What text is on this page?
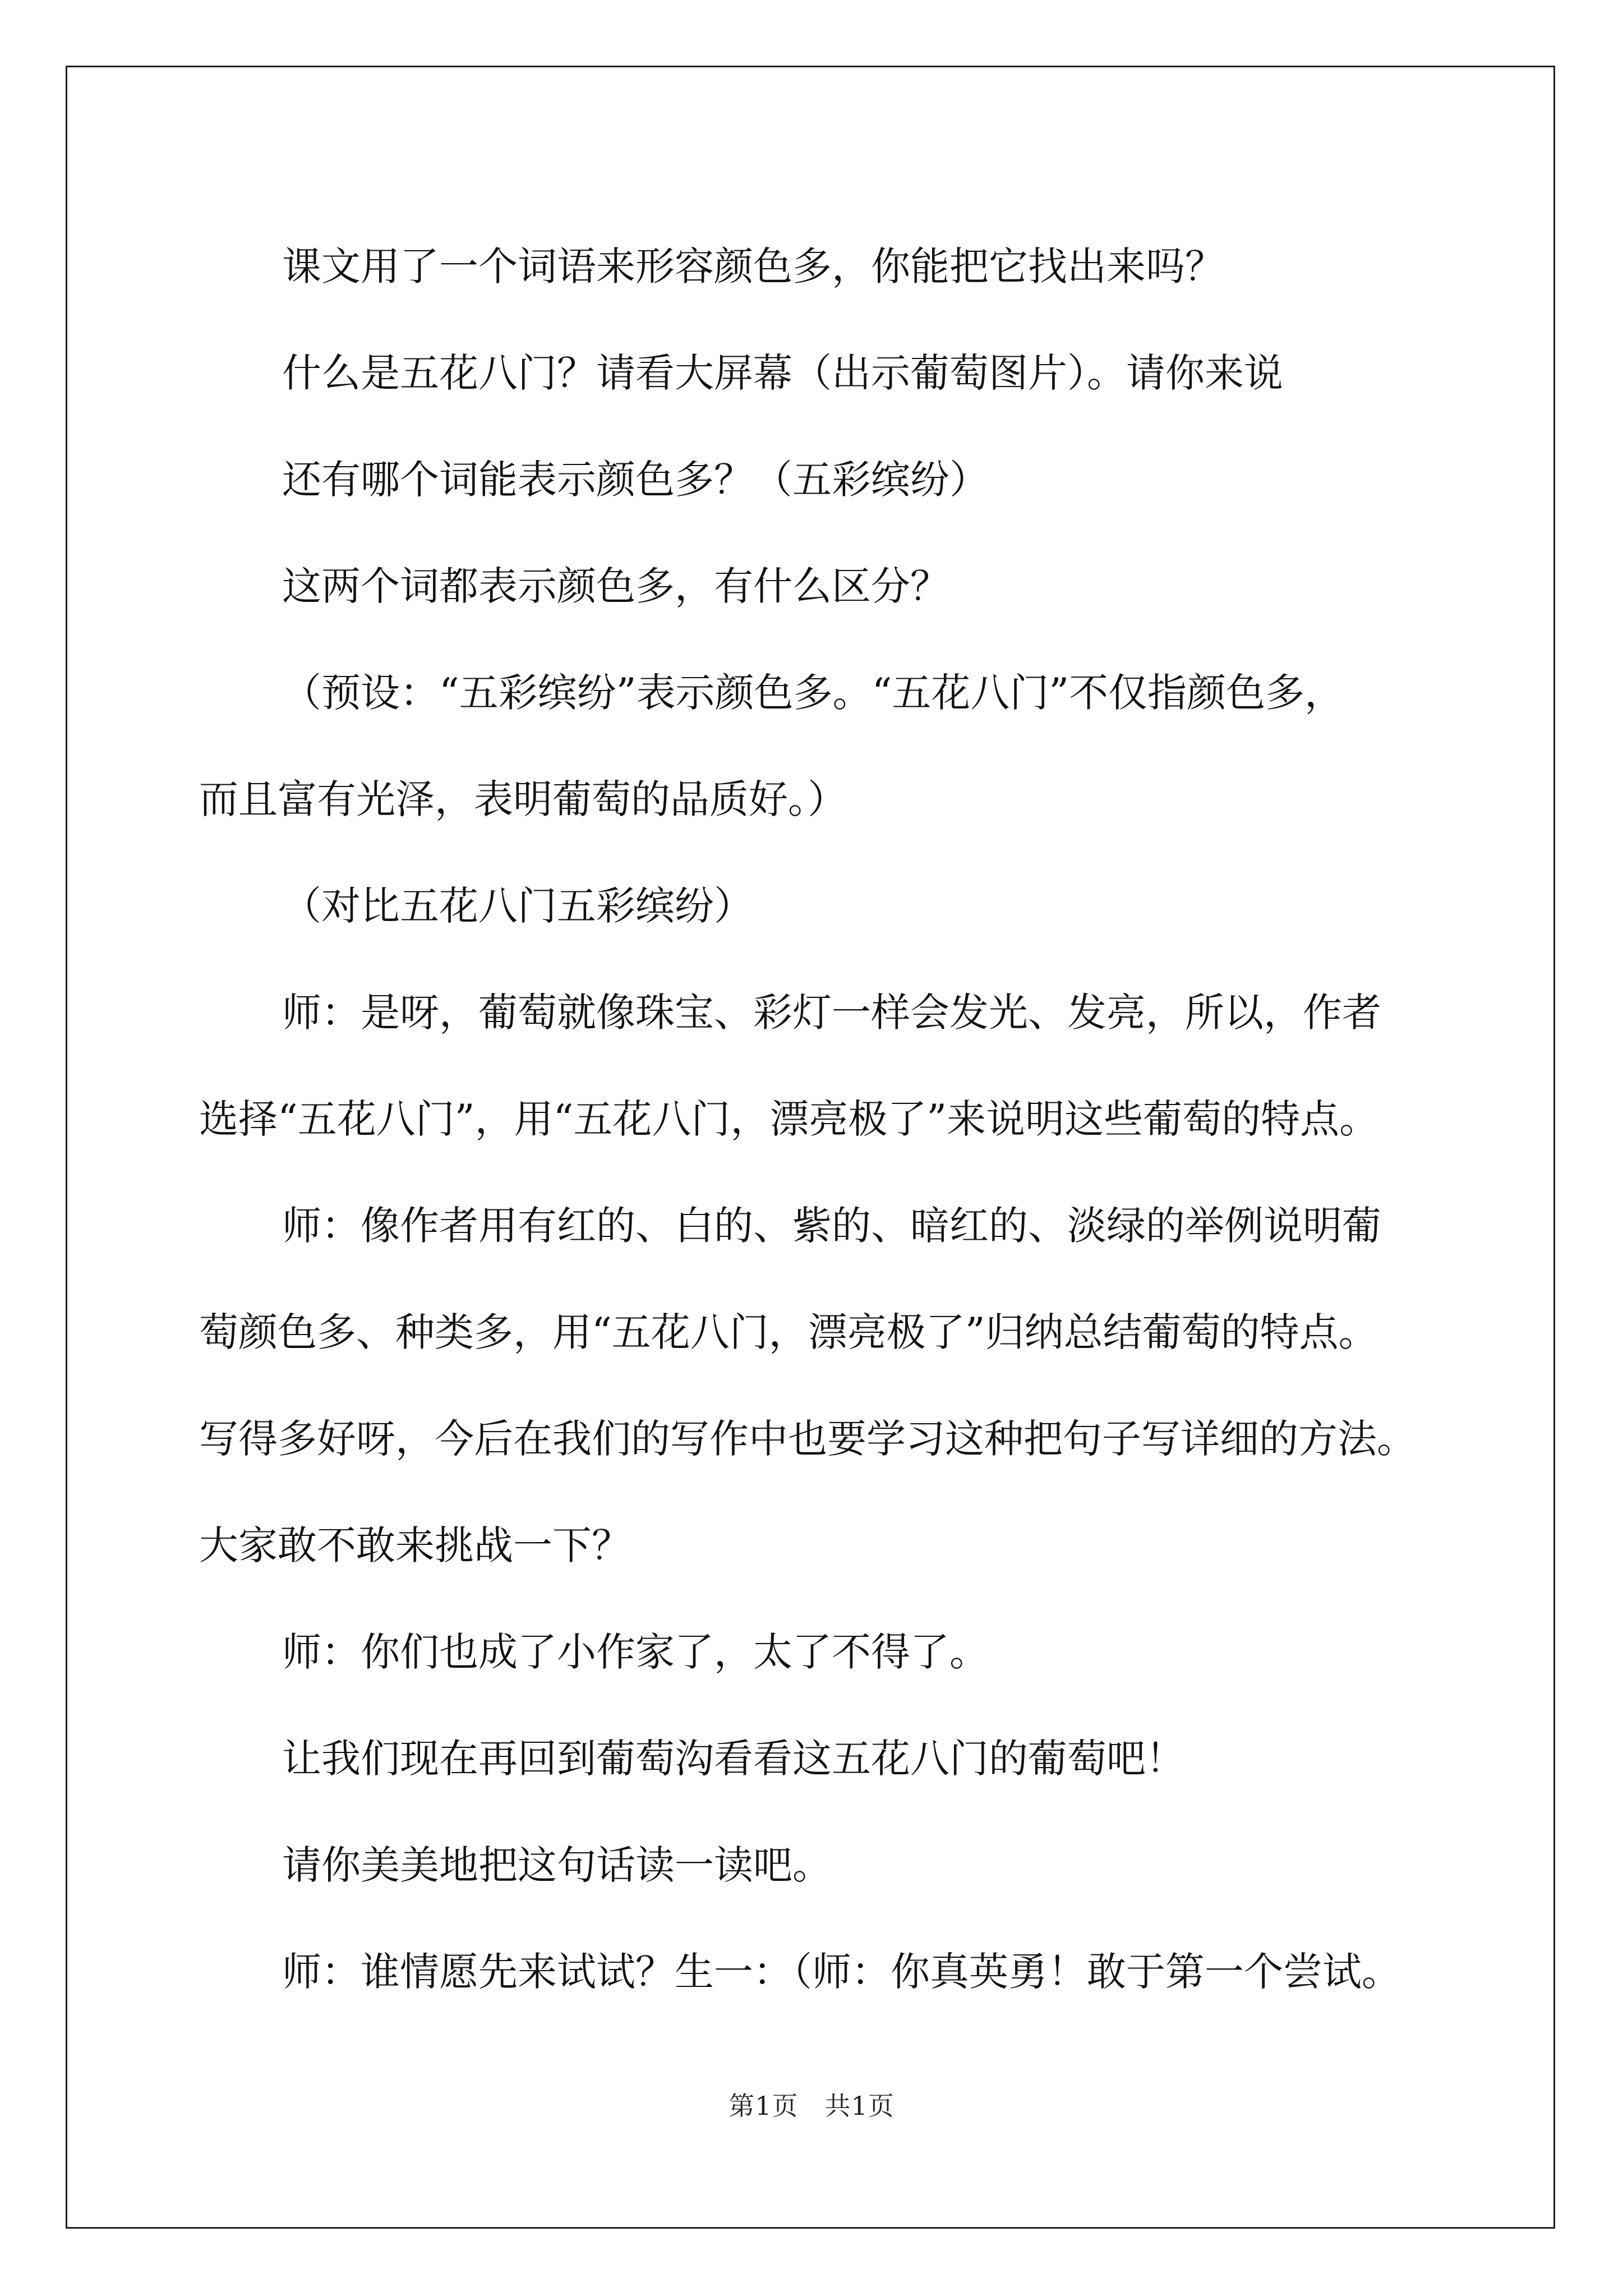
课文用了一个词语来形容颜色多，你能把它找出来吗？

什么是五花八门？请看大屏幕（出示葡萄图片）。请你来说

还有哪个词能表示颜色多？（五彩缤纷）

这两个词都表示颜色多，有什么区分？

（预设：“五彩缤纷”表示颜色多。“五花八门”不仅指颜色多，

而且富有光泽，表明葡萄的品质好。）

（对比五花八门五彩缤纷）

师：是呀，葡萄就像珠宝、彩灯一样会发光、发亮，所以，作者

选择“五花八门”，用“五花八门，漂亮极了”来说明这些葡萄的特点。

师：像作者用有红的、白的、紫的、暗红的、淡绿的举例说明葡

萄颜色多、种类多，用“五花八门，漂亮极了”归纳总结葡萄的特点。

写得多好呀，今后在我们的写作中也要学习这种把句子写详细的方法。

大家敢不敢来挑战一下？

师：你们也成了小作家了，太了不得了。

让我们现在再回到葡萄沟看看这五花八门的葡萄吧！

请你美美地把这句话读一读吧。

师：谁情愿先来试试？生一：（师：你真英勇！敢于第一个尝试。

第1页　共1页
